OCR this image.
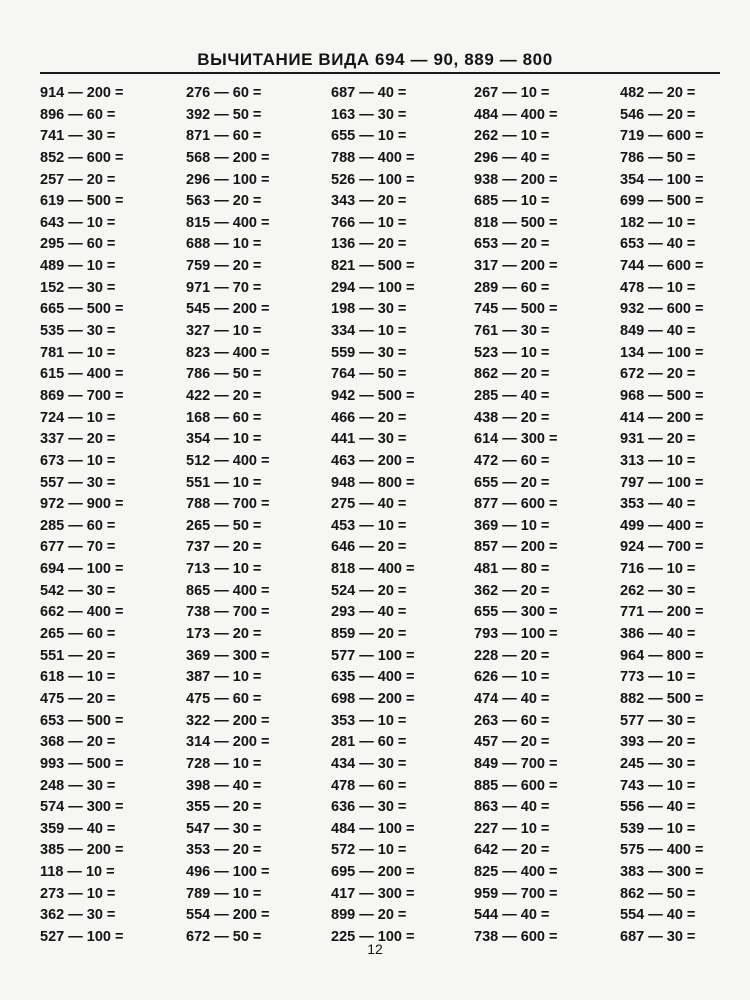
ВЫЧИТАНИЕ ВИДА 694 — 90, 889 — 800
914 — 200 =
896 — 60 =
741 — 30 =
852 — 600 =
257 — 20 =
619 — 500 =
643 — 10 =
295 — 60 =
489 — 10 =
152 — 30 =
665 — 500 =
535 — 30 =
781 — 10 =
615 — 400 =
869 — 700 =
724 — 10 =
337 — 20 =
673 — 10 =
557 — 30 =
972 — 900 =
285 — 60 =
677 — 70 =
694 — 100 =
542 — 30 =
662 — 400 =
265 — 60 =
551 — 20 =
618 — 10 =
475 — 20 =
653 — 500 =
368 — 20 =
993 — 500 =
248 — 30 =
574 — 300 =
359 — 40 =
385 — 200 =
118 — 10 =
273 — 10 =
362 — 30 =
527 — 100 =
276 — 60 =
392 — 50 =
871 — 60 =
568 — 200 =
296 — 100 =
563 — 20 =
815 — 400 =
688 — 10 =
759 — 20 =
971 — 70 =
545 — 200 =
327 — 10 =
823 — 400 =
786 — 50 =
422 — 20 =
168 — 60 =
354 — 10 =
512 — 400 =
551 — 10 =
788 — 700 =
265 — 50 =
737 — 20 =
713 — 10 =
865 — 400 =
738 — 700 =
173 — 20 =
369 — 300 =
387 — 10 =
475 — 60 =
322 — 200 =
314 — 200 =
728 — 10 =
398 — 40 =
355 — 20 =
547 — 30 =
353 — 20 =
496 — 100 =
789 — 10 =
554 — 200 =
672 — 50 =
687 — 40 =
163 — 30 =
655 — 10 =
788 — 400 =
526 — 100 =
343 — 20 =
766 — 10 =
136 — 20 =
821 — 500 =
294 — 100 =
198 — 30 =
334 — 10 =
559 — 30 =
764 — 50 =
942 — 500 =
466 — 20 =
441 — 30 =
463 — 200 =
948 — 800 =
275 — 40 =
453 — 10 =
646 — 20 =
818 — 400 =
524 — 20 =
293 — 40 =
859 — 20 =
577 — 100 =
635 — 400 =
698 — 200 =
353 — 10 =
281 — 60 =
434 — 30 =
478 — 60 =
636 — 30 =
484 — 100 =
572 — 10 =
695 — 200 =
417 — 300 =
899 — 20 =
225 — 100 =
267 — 10 =
484 — 400 =
262 — 10 =
296 — 40 =
938 — 200 =
685 — 10 =
818 — 500 =
653 — 20 =
317 — 200 =
289 — 60 =
745 — 500 =
761 — 30 =
523 — 10 =
862 — 20 =
285 — 40 =
438 — 20 =
614 — 300 =
472 — 60 =
655 — 20 =
877 — 600 =
369 — 10 =
857 — 200 =
481 — 80 =
362 — 20 =
655 — 300 =
793 — 100 =
228 — 20 =
626 — 10 =
474 — 40 =
263 — 60 =
457 — 20 =
849 — 700 =
885 — 600 =
863 — 40 =
227 — 10 =
642 — 20 =
825 — 400 =
959 — 700 =
544 — 40 =
738 — 600 =
482 — 20 =
546 — 20 =
719 — 600 =
786 — 50 =
354 — 100 =
699 — 500 =
182 — 10 =
653 — 40 =
744 — 600 =
478 — 10 =
932 — 600 =
849 — 40 =
134 — 100 =
672 — 20 =
968 — 500 =
414 — 200 =
931 — 20 =
313 — 10 =
797 — 100 =
353 — 40 =
499 — 400 =
924 — 700 =
716 — 10 =
262 — 30 =
771 — 200 =
386 — 40 =
964 — 800 =
773 — 10 =
882 — 500 =
577 — 30 =
393 — 20 =
245 — 30 =
743 — 10 =
556 — 40 =
539 — 10 =
575 — 400 =
383 — 300 =
862 — 50 =
554 — 40 =
687 — 30 =
12
